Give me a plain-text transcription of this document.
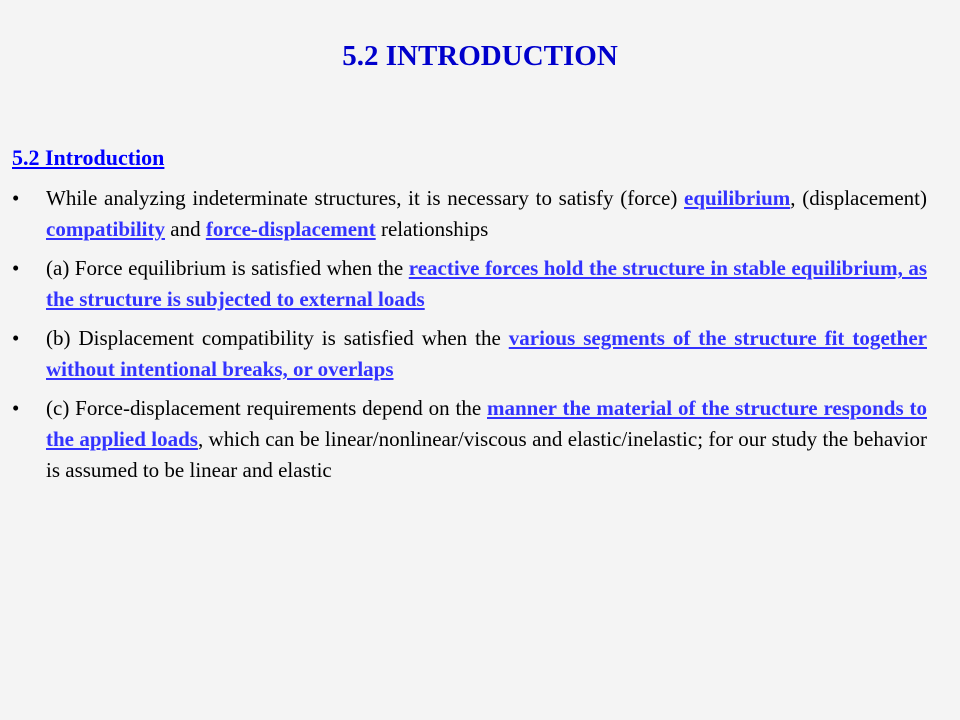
5.2 INTRODUCTION
5.2 Introduction
•	While analyzing indeterminate structures, it is necessary to satisfy (force) equilibrium, (displacement) compatibility and force-displacement relationships
•	(a) Force equilibrium is satisfied when the reactive forces hold the structure in stable equilibrium, as the structure is subjected to external loads
•	(b) Displacement compatibility is satisfied when the various segments of the structure fit together without intentional breaks, or overlaps
•	(c) Force-displacement requirements depend on the manner the material of the structure responds to the applied loads, which can be linear/nonlinear/viscous and elastic/inelastic; for our study the behavior is assumed to be linear and elastic
